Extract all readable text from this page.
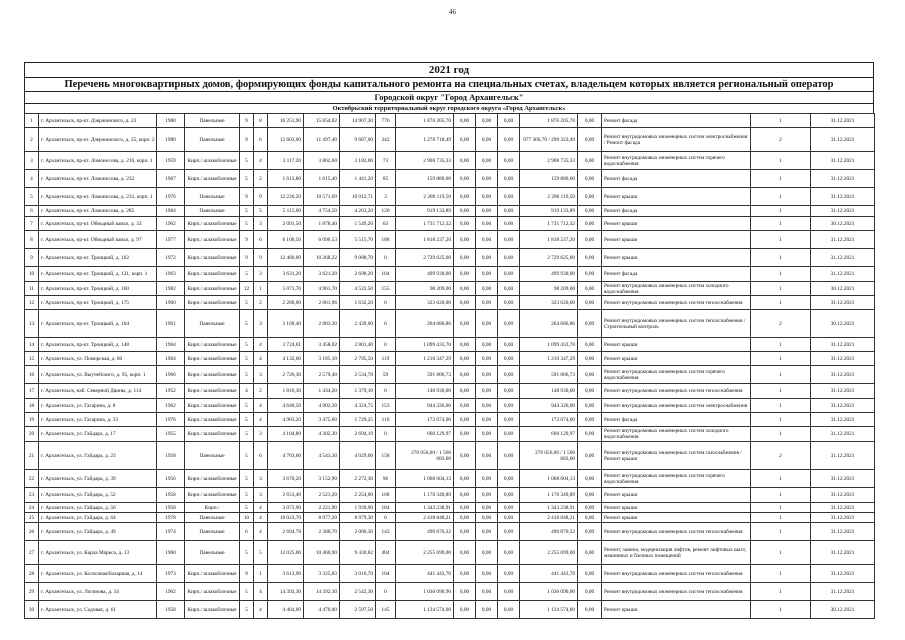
46
2021 год
Перечень многоквартирных домов, формирующих фонды капитального ремонта на специальных счетах, владельцем которых является региональный оператор
Городской округ "Город Архангельск"
Октябрьский территориальный округ городского округа «Город Архангельск»
1	г. Архангельск, пр-кт. Дзержинского, д. 23	1980	Панельные	9	8	16 251,90	15 854,82	14 907,30	776	1 876 205,70	0,00	0,00	0,00	1 876 205,70	0,00	Ремонт фасада	1	31.12.2021
2	г. Архангельск, пр-кт. Дзержинского, д. 25, корп. 2	1980	Панельные	9	6	12 603,00	11 497,40	9 687,00	342	1 278 718,49	0,00	0,00	0,00	977 369,70 / 299 323,49	0,00	Ремонт внутридомовых инженерных систем электроснабжения / Ремонт фасада	2	31.12.2021
3	г. Архангельск, пр-кт. Ломоносова, д. 216, корп. 1	1959	Кирп./ шлакоблочные	5	4	3 117,20	3 862,60	3 182,00	73	2 908 735,33	0,00	0,00	0,00	2 908 735,33	0,00	Ремонт внутридомовых инженерных систем горячего водоснабжения	1	31.12.2021
4	г. Архангельск, пр-кт. Ломоносова, д. 232	1967	Кирп./ шлакоблочные	5	2	1 613,80	1 615,40	1 441,20	85	159 880,00	0,00	0,00	0,00	159 880,00	0,00	Ремонт фасада	1	31.12.2021
5	г. Архангельск, пр-кт. Ломоносова, д. 232, корп. 1	1976	Панельные	9	9	12 226,20	10 571,69	10 012,71	3	2 280 119,50	0,00	0,00	0,00	2 280 119,50	0,00	Ремонт крыши	1	31.12.2021
6	г. Архангельск, пр-кт. Ломоносова, д. 285	1964	Панельные	5	5	5 115,00	4 754,50	4 263,20	120	919 133,89	0,00	0,00	0,00	919 133,89	0,00	Ремонт фасада	1	31.12.2021
7	г. Архангельск, пр-кт. Обводный канал, д. 32	1962	Кирп./ шлакоблочные	5	3	2 091,50	1 878,40	1 549,20	63	1 731 712,32	0,00	0,00	0,00	1 731 712,32	0,00	Ремонт крыши	1	30.12.2021
8	г. Архангельск, пр-кт. Обводный канал, д. 97	1977	Кирп./ шлакоблочные	9	6	6 100,50	6 096,53	5 515,70	188	1 818 237,20	0,00	0,00	0,00	1 818 237,20	0,00	Ремонт крыши	1	31.12.2021
9	г. Архангельск, пр-кт. Троицкий, д. 102	1972	Кирп./ шлакоблочные	9	9	12 460,00	10 268,22	9 088,70	0	2 729 625,00	0,00	0,00	0,00	2 729 625,00	0,00	Ремонт крыши	1	31.12.2021
10	г. Архангельск, пр-кт. Троицкий, д. 121, корп. 1	1963	Кирп./ шлакоблочные	5	3	3 631,20	3 621,20	2 698,20	104	499 930,00	0,00	0,00	0,00	499 930,00	0,00	Ремонт фасада	1	31.12.2021
11	г. Архангельск, пр-кт. Троицкий, д. 160	1982	Кирп./ шлакоблочные	12	1	5 073,70	4 961,70	4 522,50	155	98 209,00	0,00	0,00	0,00	98 209,00	0,00	Ремонт внутридомовых инженерных систем холодного водоснабжения	1	30.12.2021
12	г. Архангельск, пр-кт. Троицкий, д. 175	1960	Кирп./ шлакоблочные	5	2	2 280,00	2 061,96	1 632,20	0	323 620,00	0,00	0,00	0,00	323 620,00	0,00	Ремонт внутридомовых инженерных систем теплоснабжения	1	31.12.2021
13	г. Архангельск, пр-кт. Троицкий, д. 164	1961	Панельные	5	3	3 100,40	2 883,30	2 439,00	0	264 686,86	0,00	0,00	0,00	264 686,86	0,00	Ремонт внутридомовых инженерных систем теплоснабжения / Строительный контроль	2	30.12.2021
14	г. Архангельск, пр-кт. Троицкий, д. 148	1964	Кирп./ шлакоблочные	5	4	3 724,61	3 458,02	2 801,40	0	1 099 433,70	0,00	0,00	0,00	1 099 433,70	0,00	Ремонт крыши	1	31.12.2021
15	г. Архангельск, ул. Поморская, д. 60	1964	Кирп./ шлакоблочные	5	4	4 132,60	3 185,10	2 795,50	119	1 210 347,29	0,00	0,00	0,00	1 210 347,29	0,00	Ремонт крыши	1	31.12.2021
16	г. Архангельск, ул. Выучейского, д. 95, корп. 1	1966	Кирп./ шлакоблочные	5	3	2 726,30	2 579,40	2 534,70	59	591 806,73	0,00	0,00	0,00	591 806,73	0,00	Ремонт внутридомовых инженерных систем горячего водоснабжения	1	31.12.2021
17	г. Архангельск, наб. Северной Двины, д. 114	1952	Кирп./ шлакоблочные	4	2	1 816,30	1 434,20	1 379,10	0	148 930,00	0,00	0,00	0,00	148 930,00	0,00	Ремонт внутридомовых инженерных систем теплоснабжения	1	31.12.2021
18	г. Архангельск, ул. Гагарина, д. 8	1962	Кирп./ шлакоблочные	5	4	4 640,50	4 902,30	4 324,75	153	944 326,00	0,00	0,00	0,00	944 326,00	0,00	Ремонт внутридомовых инженерных систем электроснабжения	1	31.12.2021
19	г. Архангельск, ул. Гагарина, д. 33	1976	Кирп./ шлакоблочные	5	4	4 983,20	3 475,60	1 729,25	110	172 074,00	0,00	0,00	0,00	172 074,00	0,00	Ремонт фасада	1	31.12.2021
20	г. Архангельск, ул. Гайдара, д. 17	1955	Кирп./ шлакоблочные	5	3	4 104,80	4 302,30	2 694,19	0	660 129,97	0,00	0,00	0,00	660 129,97	0,00	Ремонт внутридомовых инженерных систем холодного водоснабжения	1	31.12.2021
21	г. Архангельск, ул. Гайдара, д. 23	1958	Панельные	5	6	4 763,60	4 543,30	4 029,00	158	276 056,00 / 1 566 683,00	0,00	0,00	0,00	276 056,00 / 1 566 683,00	0,00	Ремонт внутридомовых инженерных систем газоснабжения / Ремонт крыши	2	31.12.2021
22	г. Архангельск, ул. Гайдара, д. 39	1956	Кирп./ шлакоблочные	5	3	3 670,20	3 152,90	2 272,30	96	1 068 604,13	0,00	0,00	0,00	1 068 604,13	0,00	Ремонт внутридомовых инженерных систем горячего водоснабжения	1	31.12.2021
23	г. Архангельск, ул. Гайдара, д. 52	1958	Кирп./ шлакоблочные	5	3	2 653,40	2 521,20	2 254,00	108	1 170 349,89	0,00	0,00	0,00	1 170 349,89	0,00	Ремонт крыши	1	31.12.2021
24	г. Архангельск, ул. Гайдара, д. 56	1958	Кирп./	5	4	3 073,90	2 221,90	1 939,90	184	1 343 238,91	0,00	0,00	0,00	1 343 238,91	0,00	Ремонт крыши	1	31.12.2021
25	г. Архангельск, ул. Гайдара, д. 64	1978	Панельные	10	4	10 023,70	8 977,39	8 979,30	0	2 418 848,21	0,00	0,00	0,00	2 418 848,21	0,00	Ремонт крыши	1	31.12.2021
26	г. Архангельск, ул. Гайдара, д. 49	1974	Панельные	6	4	2 694,78	2 380,70	2 000,30	143	490 870,32	0,00	0,00	0,00	490 870,32	0,00	Ремонт внутридомовых инженерных систем теплоснабжения	1	31.12.2021
27	г. Архангельск, ул. Карла Маркса, д. 13	1960	Панельные	5	5	12 025,00	10 460,90	9 430,82	484	2 255 699,00	0,00	0,00	0,00	2 255 699,00	0,00	Ремонт, замена, модернизация лифтов, ремонт лифтовых шахт, машинных и блочных помещений	1	31.12.2021
28	г. Архангельск, ул. Колхозная/Базарная, д. 14	1973	Кирп./ шлакоблочные	9	1	3 613,90	3 325,83	3 016,70	104	441 443,70	0,00	0,00	0,00	441 443,70	0,00	Ремонт внутридомовых инженерных систем теплоснабжения	1	31.12.2021
29	г. Архангельск, ул. Логинова, д. 34	1962	Кирп./ шлакоблочные	5	4	14 392,30	14 392,30	2 542,30	0	1 036 090,90	0,00	0,00	0,00	1 036 090,90	0,00	Ремонт внутридомовых инженерных систем теплоснабжения	1	31.12.2021
30	г. Архангельск, ул. Садовая, д. 61	1958	Кирп./ шлакоблочные	5	4	4 464,00	4 470,00	2 597,50	145	1 134 574,00	0,00	0,00	0,00	1 134 574,00	0,00	Ремонт крыши	1	30.12.2021
